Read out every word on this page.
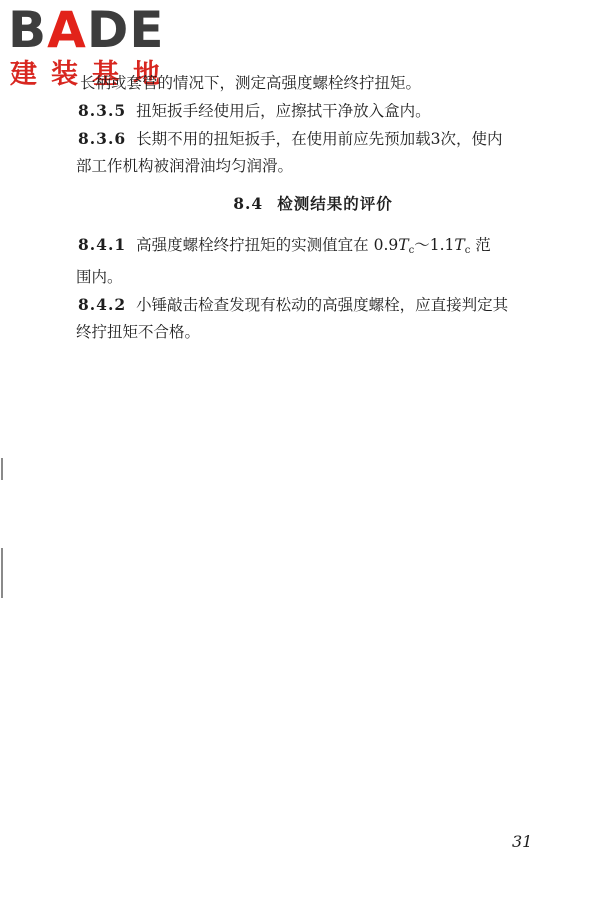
BADE
建装基地

长柄或套管的情况下，测定高强度螺栓终拧扭矩。

8.3.5 扭矩扳手经使用后，应擦拭干净放入盒内。

8.3.6 长期不用的扭矩扳手，在使用前应先预加载3次，使内
部工作机构被润滑油均匀润滑。

8.4 检测结果的评价

8.4.1 高强度螺栓终拧扭矩的实测值宜在 $0.9T_c\sim 1.1T_c$ 范
围内。

8.4.2 小锤敲击检查发现有松动的高强度螺栓，应直接判定其
终拧扭矩不合格。

31
